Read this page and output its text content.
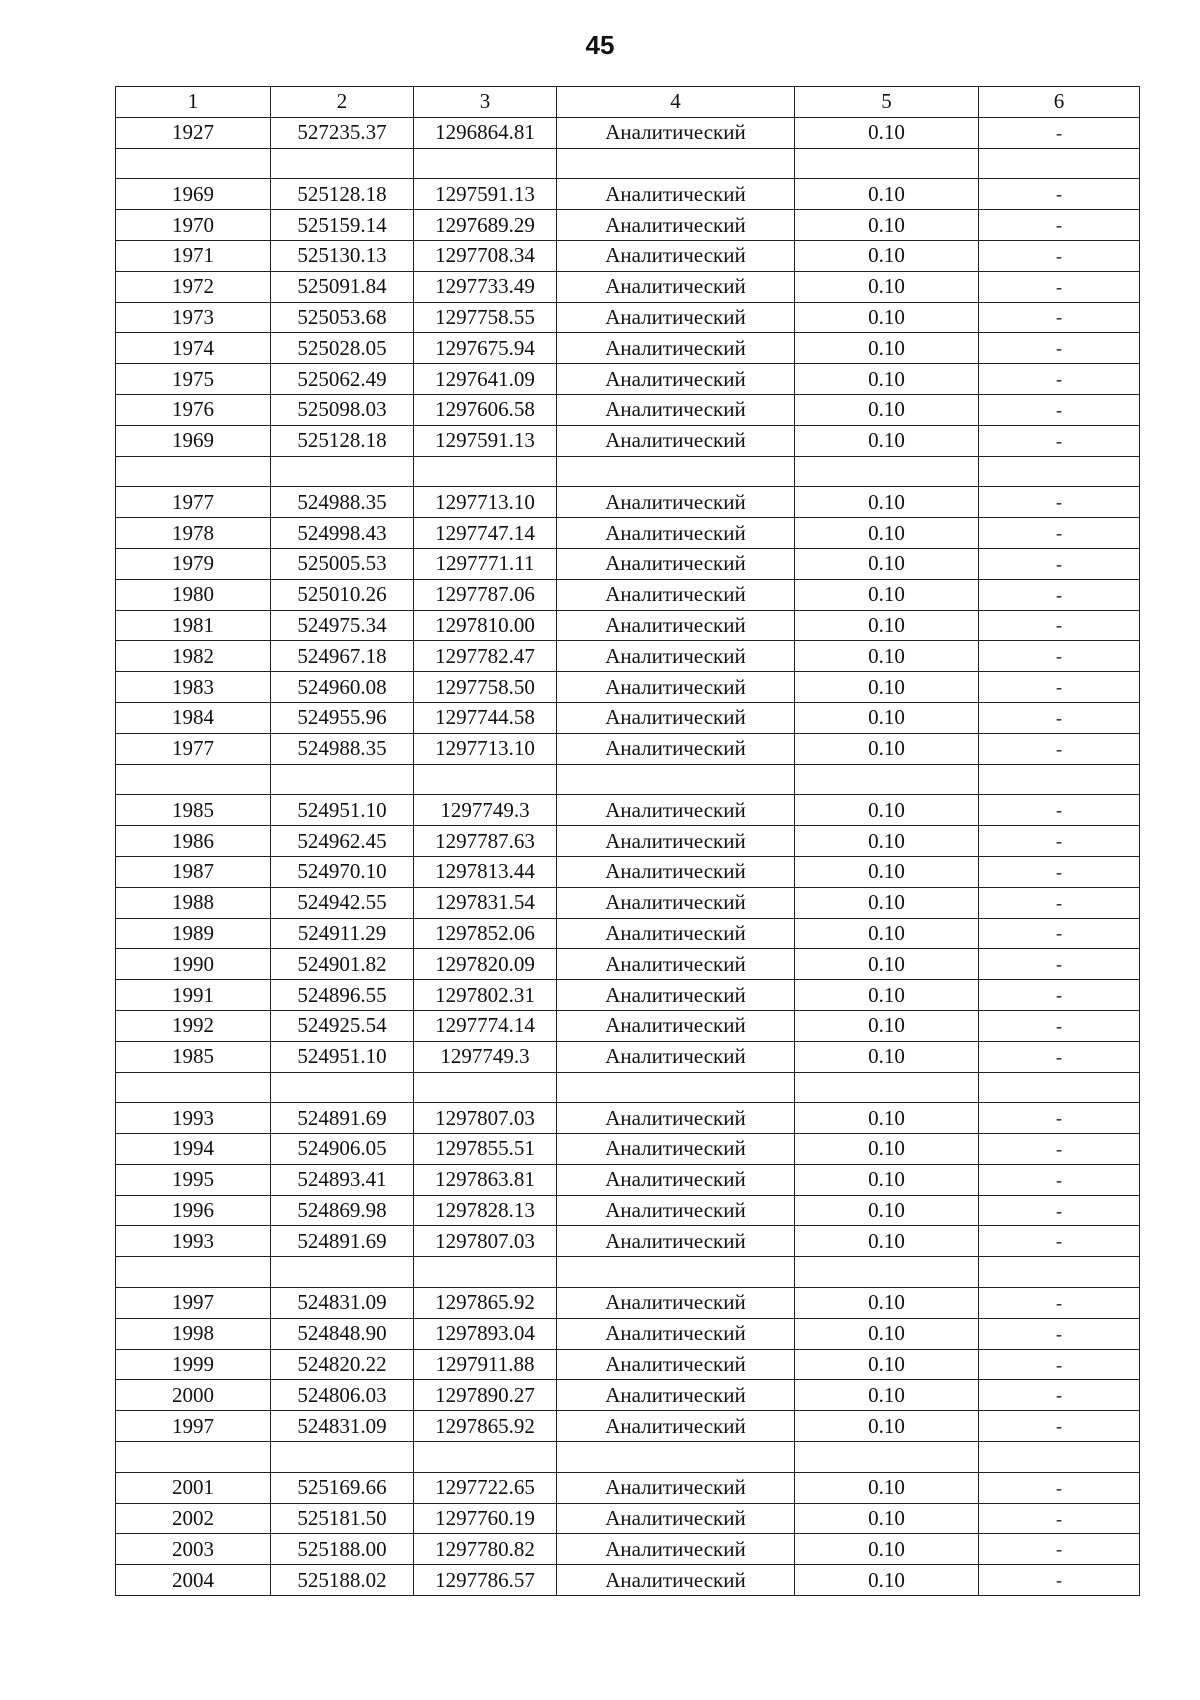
45
1	2	3	4	5	6
1927	527235.37	1296864.81	Аналитический	0.10	-

1969	525128.18	1297591.13	Аналитический	0.10	-
1970	525159.14	1297689.29	Аналитический	0.10	-
1971	525130.13	1297708.34	Аналитический	0.10	-
1972	525091.84	1297733.49	Аналитический	0.10	-
1973	525053.68	1297758.55	Аналитический	0.10	-
1974	525028.05	1297675.94	Аналитический	0.10	-
1975	525062.49	1297641.09	Аналитический	0.10	-
1976	525098.03	1297606.58	Аналитический	0.10	-
1969	525128.18	1297591.13	Аналитический	0.10	-

1977	524988.35	1297713.10	Аналитический	0.10	-
1978	524998.43	1297747.14	Аналитический	0.10	-
1979	525005.53	1297771.11	Аналитический	0.10	-
1980	525010.26	1297787.06	Аналитический	0.10	-
1981	524975.34	1297810.00	Аналитический	0.10	-
1982	524967.18	1297782.47	Аналитический	0.10	-
1983	524960.08	1297758.50	Аналитический	0.10	-
1984	524955.96	1297744.58	Аналитический	0.10	-
1977	524988.35	1297713.10	Аналитический	0.10	-

1985	524951.10	1297749.3	Аналитический	0.10	-
1986	524962.45	1297787.63	Аналитический	0.10	-
1987	524970.10	1297813.44	Аналитический	0.10	-
1988	524942.55	1297831.54	Аналитический	0.10	-
1989	524911.29	1297852.06	Аналитический	0.10	-
1990	524901.82	1297820.09	Аналитический	0.10	-
1991	524896.55	1297802.31	Аналитический	0.10	-
1992	524925.54	1297774.14	Аналитический	0.10	-
1985	524951.10	1297749.3	Аналитический	0.10	-

1993	524891.69	1297807.03	Аналитический	0.10	-
1994	524906.05	1297855.51	Аналитический	0.10	-
1995	524893.41	1297863.81	Аналитический	0.10	-
1996	524869.98	1297828.13	Аналитический	0.10	-
1993	524891.69	1297807.03	Аналитический	0.10	-

1997	524831.09	1297865.92	Аналитический	0.10	-
1998	524848.90	1297893.04	Аналитический	0.10	-
1999	524820.22	1297911.88	Аналитический	0.10	-
2000	524806.03	1297890.27	Аналитический	0.10	-
1997	524831.09	1297865.92	Аналитический	0.10	-

2001	525169.66	1297722.65	Аналитический	0.10	-
2002	525181.50	1297760.19	Аналитический	0.10	-
2003	525188.00	1297780.82	Аналитический	0.10	-
2004	525188.02	1297786.57	Аналитический	0.10	-
